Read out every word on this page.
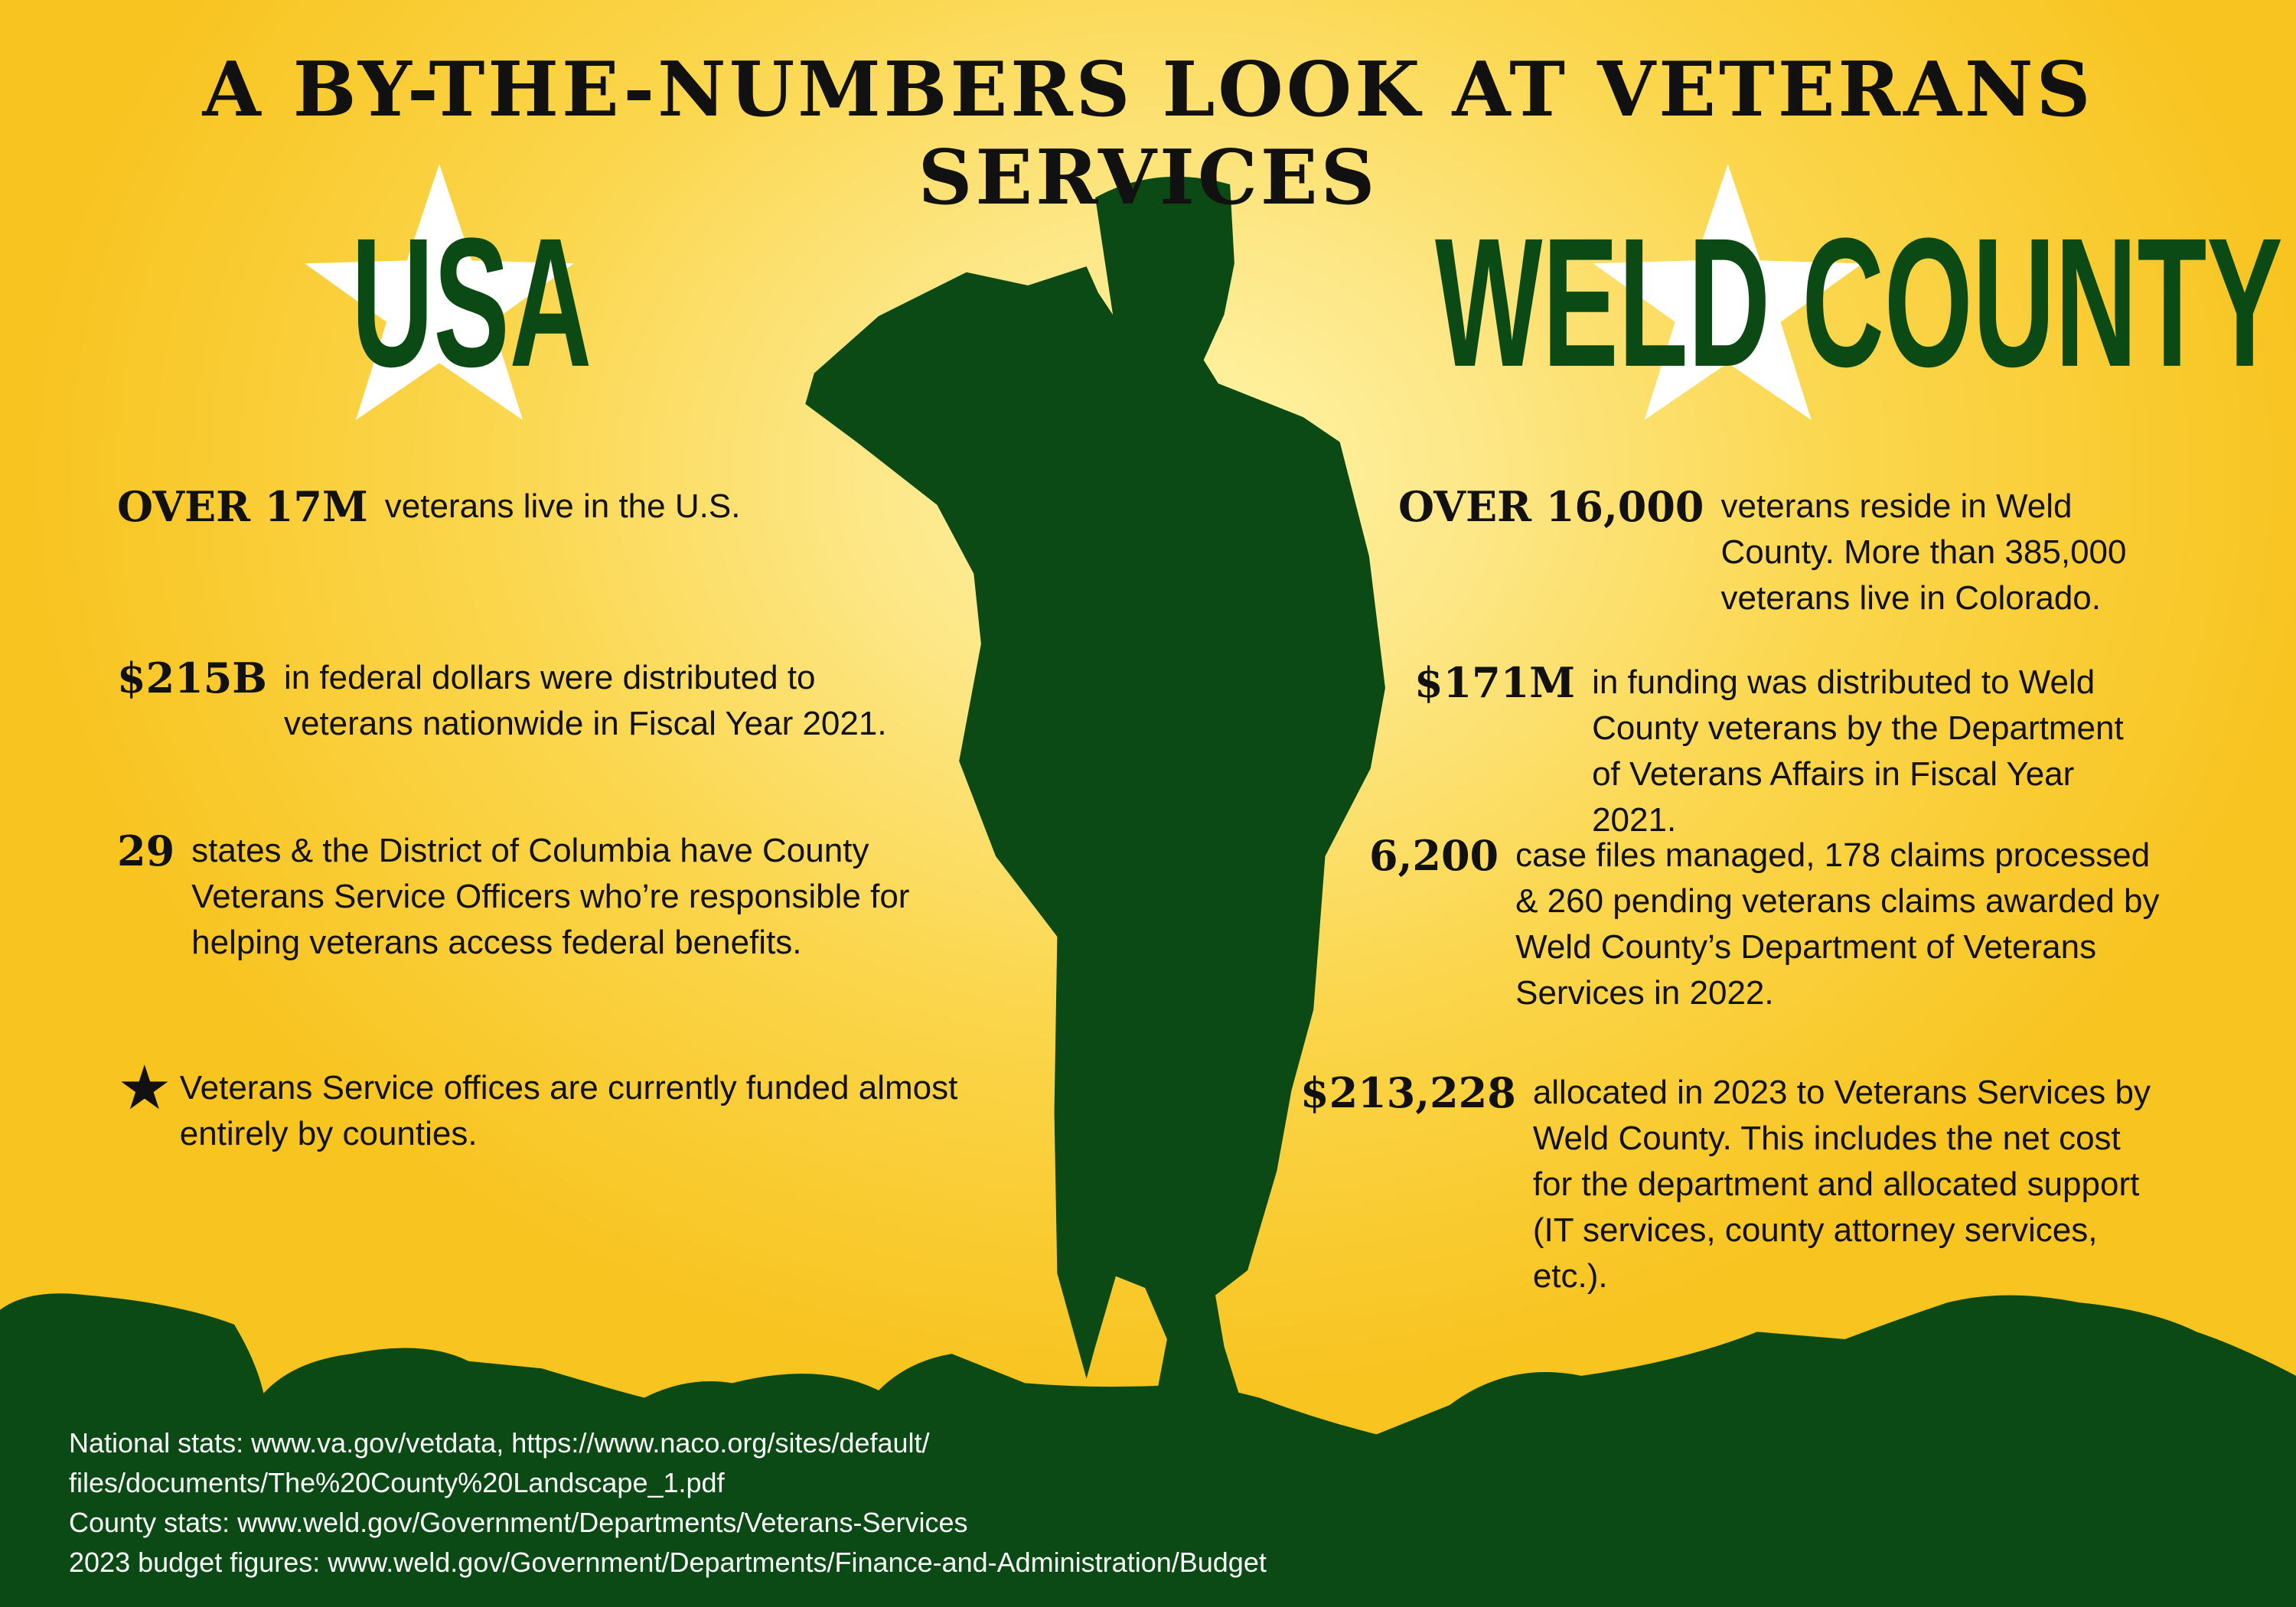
A BY-THE-NUMBERS LOOK AT VETERANS SERVICES
USA	WELD COUNTY
OVER 17M veterans live in the U.S.
$215B in federal dollars were distributed to veterans nationwide in Fiscal Year 2021.
29 states & the District of Columbia have County Veterans Service Officers who’re responsible for helping veterans access federal benefits.
★ Veterans Service offices are currently funded almost entirely by counties.
OVER 16,000 veterans reside in Weld County. More than 385,000 veterans live in Colorado.
$171M in funding was distributed to Weld County veterans by the Department of Veterans Affairs in Fiscal Year 2021.
6,200 case files managed, 178 claims processed & 260 pending veterans claims awarded by Weld County’s Department of Veterans Services in 2022.
$213,228 allocated in 2023 to Veterans Services by Weld County. This includes the net cost for the department and allocated support (IT services, county attorney services, etc.).
National stats: www.va.gov/vetdata, https://www.naco.org/sites/default/
files/documents/The%20County%20Landscape_1.pdf
County stats: www.weld.gov/Government/Departments/Veterans-Services
2023 budget figures: www.weld.gov/Government/Departments/Finance-and-Administration/Budget
